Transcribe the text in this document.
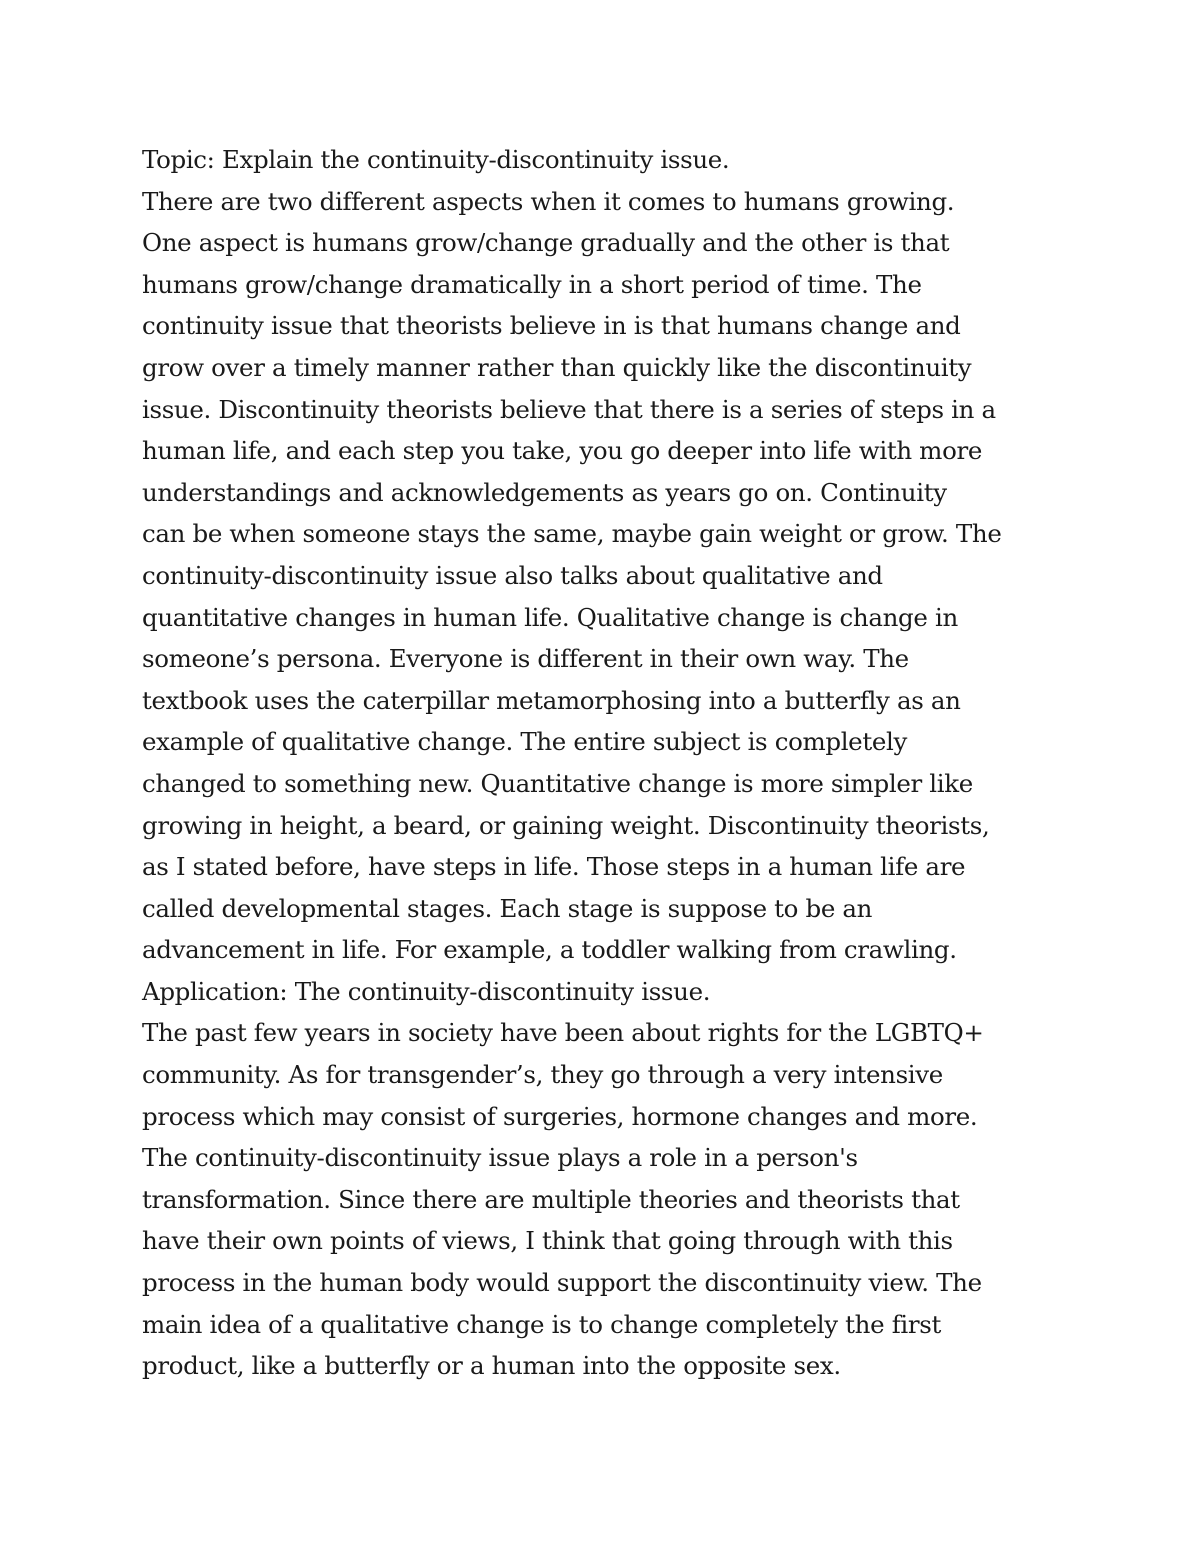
Topic: Explain the continuity-discontinuity issue.
There are two different aspects when it comes to humans growing.
One aspect is humans grow/change gradually and the other is that
humans grow/change dramatically in a short period of time. The
continuity issue that theorists believe in is that humans change and
grow over a timely manner rather than quickly like the discontinuity
issue. Discontinuity theorists believe that there is a series of steps in a
human life, and each step you take, you go deeper into life with more
understandings and acknowledgements as years go on. Continuity
can be when someone stays the same, maybe gain weight or grow. The
continuity-discontinuity issue also talks about qualitative and
quantitative changes in human life. Qualitative change is change in
someone’s persona. Everyone is different in their own way. The
textbook uses the caterpillar metamorphosing into a butterfly as an
example of qualitative change. The entire subject is completely
changed to something new. Quantitative change is more simpler like
growing in height, a beard, or gaining weight. Discontinuity theorists,
as I stated before, have steps in life. Those steps in a human life are
called developmental stages. Each stage is suppose to be an
advancement in life. For example, a toddler walking from crawling.
Application: The continuity-discontinuity issue.
The past few years in society have been about rights for the LGBTQ+
community. As for transgender’s, they go through a very intensive
process which may consist of surgeries, hormone changes and more.
The continuity-discontinuity issue plays a role in a person's
transformation. Since there are multiple theories and theorists that
have their own points of views, I think that going through with this
process in the human body would support the discontinuity view. The
main idea of a qualitative change is to change completely the first
product, like a butterfly or a human into the opposite sex.
